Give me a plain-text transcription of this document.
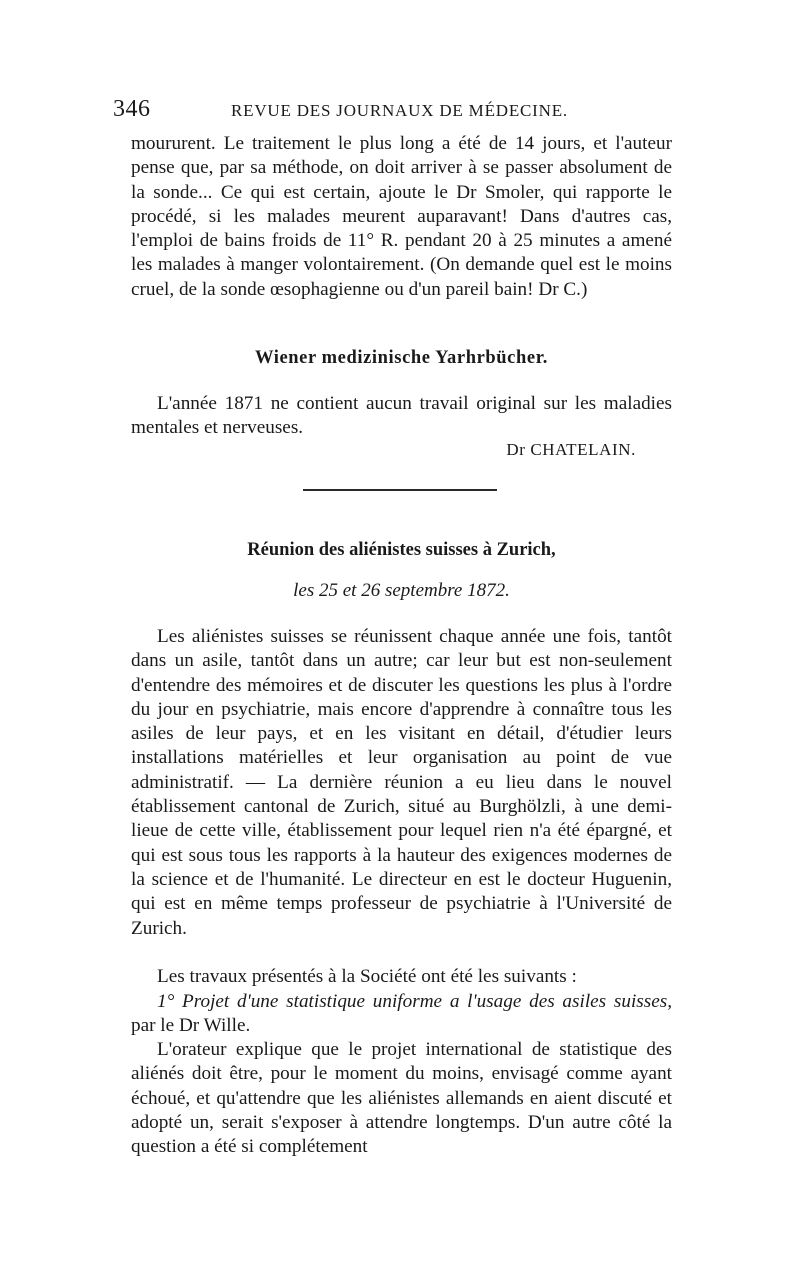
346	REVUE DES JOURNAUX DE MÉDECINE.

moururent. Le traitement le plus long a été de 14 jours, et l'auteur pense que, par sa méthode, on doit arriver à se passer absolument de la sonde... Ce qui est certain, ajoute le Dr Smoler, qui rapporte le procédé, si les malades meurent auparavant! Dans d'autres cas, l'emploi de bains froids de 11° R. pendant 20 à 25 minutes a amené les malades à manger volontairement. (On demande quel est le moins cruel, de la sonde œsophagienne ou d'un pareil bain! Dr C.)

Wiener medizinische Yarhrbücher.

L'année 1871 ne contient aucun travail original sur les maladies mentales et nerveuses.

Dr CHATELAIN.
Réunion des aliénistes suisses à Zurich,
les 25 et 26 septembre 1872.

Les aliénistes suisses se réunissent chaque année une fois, tantôt dans un asile, tantôt dans un autre; car leur but est non-seulement d'entendre des mémoires et de discuter les questions les plus à l'ordre du jour en psychiatrie, mais encore d'apprendre à connaître tous les asiles de leur pays, et en les visitant en détail, d'étudier leurs installations matérielles et leur organisation au point de vue administratif. — La dernière réunion a eu lieu dans le nouvel établissement cantonal de Zurich, situé au Burghölzli, à une demi-lieue de cette ville, établissement pour lequel rien n'a été épargné, et qui est sous tous les rapports à la hauteur des exigences modernes de la science et de l'humanité. Le directeur en est le docteur Huguenin, qui est en même temps professeur de psychiatrie à l'Université de Zurich.

Les travaux présentés à la Société ont été les suivants :

1° Projet d'une statistique uniforme a l'usage des asiles suisses, par le Dr Wille.

L'orateur explique que le projet international de statistique des aliénés doit être, pour le moment du moins, envisagé comme ayant échoué, et qu'attendre que les aliénistes allemands en aient discuté et adopté un, serait s'exposer à attendre longtemps. D'un autre côté la question a été si complétement
